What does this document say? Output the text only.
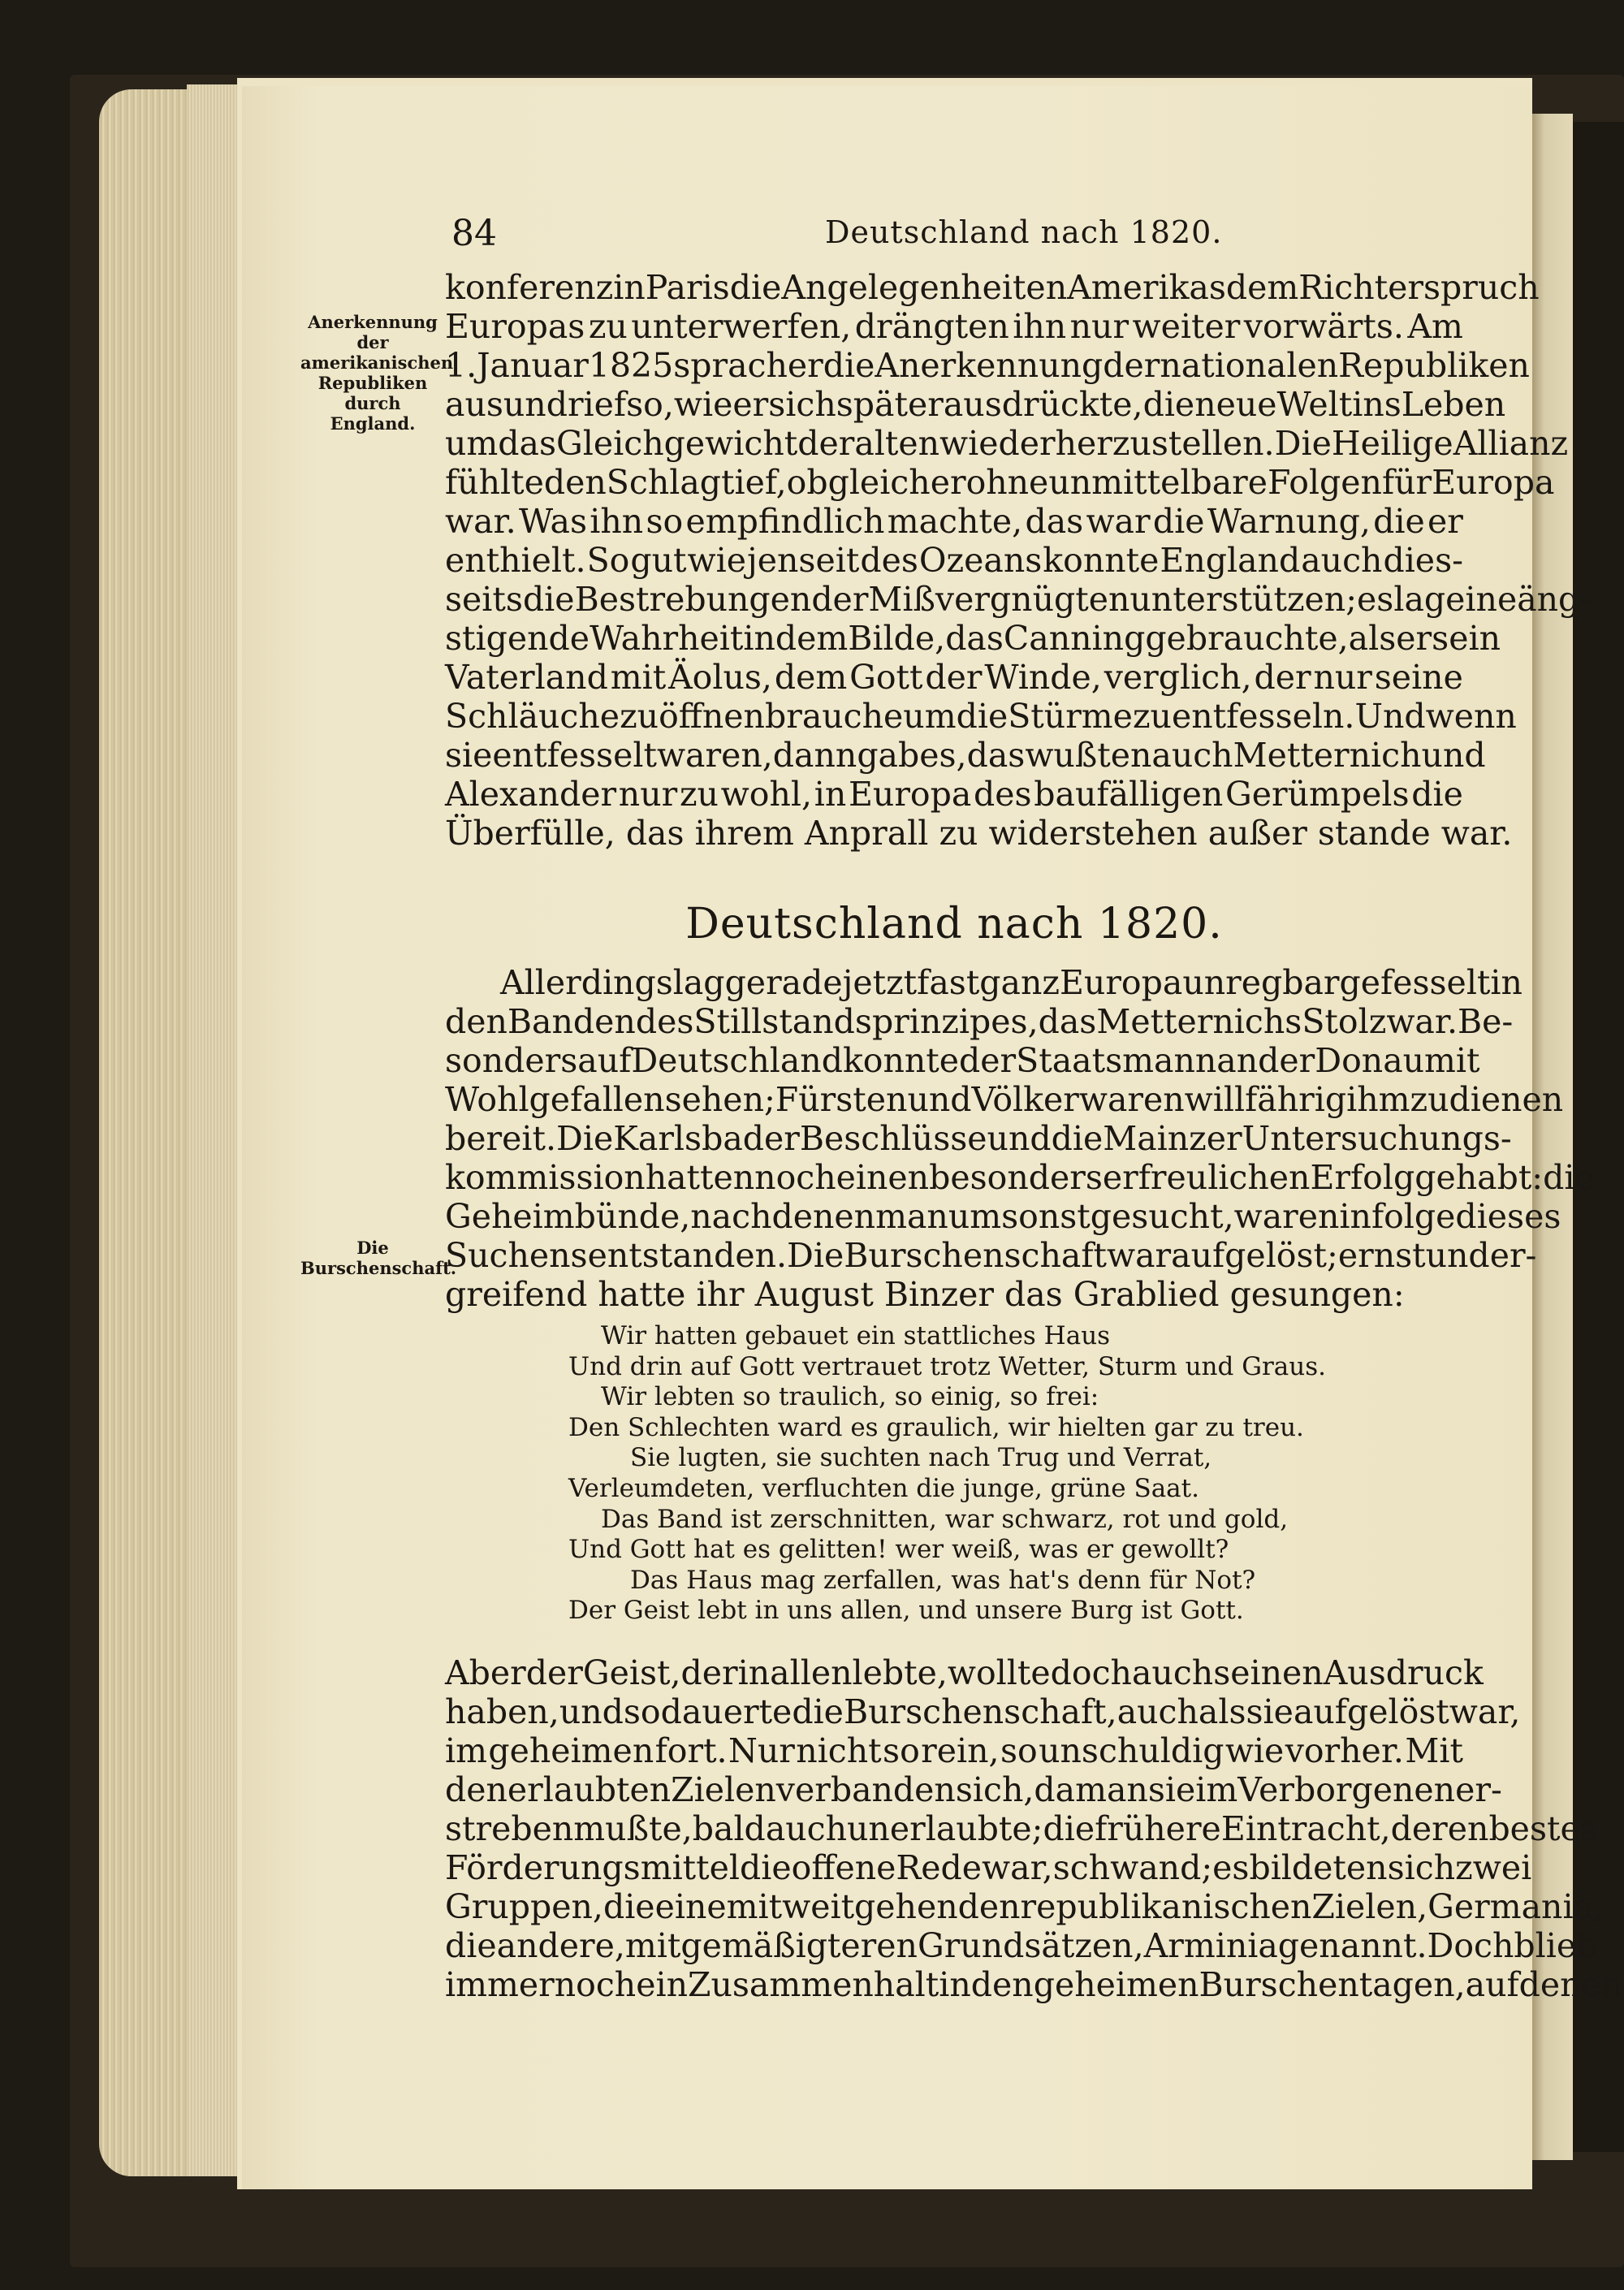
84	Deutschland nach 1820.
Anerkennung der amerikanischen Republiken durch England.
Die Burschenschaft.
konferenz in Paris die Angelegenheiten Amerikas dem Richterspruch
Europas zu unterwerfen, drängten ihn nur weiter vorwärts. Am
1. Januar 1825 sprach er die Anerkennung der nationalen Republiken
aus und rief so, wie er sich später ausdrückte, die neue Welt ins Leben
um das Gleichgewicht der alten wiederherzustellen. Die Heilige Allianz
fühlte den Schlag tief, obgleich er ohne unmittelbare Folgen für Europa
war. Was ihn so empfindlich machte, das war die Warnung, die er
enthielt. So gut wie jenseit des Ozeans konnte England auch dies-
seits die Bestrebungen der Mißvergnügten unterstützen; es lag eine äng-
stigende Wahrheit in dem Bilde, das Canning gebrauchte, als er sein
Vaterland mit Äolus, dem Gott der Winde, verglich, der nur seine
Schläuche zu öffnen brauche um die Stürme zu entfesseln. Und wenn
sie entfesselt waren, dann gab es, das wußten auch Metternich und
Alexander nur zu wohl, in Europa des baufälligen Gerümpels die
Überfülle, das ihrem Anprall zu widerstehen außer stande war.
Deutschland nach 1820.
Allerdings lag gerade jetzt fast ganz Europa unregbar gefesselt in
den Banden des Stillstandsprinzipes, das Metternichs Stolz war. Be-
sonders auf Deutschland konnte der Staatsmann an der Donau mit
Wohlgefallen sehen; Fürsten und Völker waren willfährig ihm zu dienen
bereit. Die Karlsbader Beschlüsse und die Mainzer Untersuchungs-
kommission hatten noch einen besonders erfreulichen Erfolg gehabt: die
Geheimbünde, nach denen man umsonst gesucht, waren infolge dieses
Suchens entstanden. Die Burschenschaft war aufgelöst; ernst und er-
greifend hatte ihr August Binzer das Grablied gesungen:
Wir hatten gebauet ein stattliches Haus
Und drin auf Gott vertrauet trotz Wetter, Sturm und Graus.
Wir lebten so traulich, so einig, so frei:
Den Schlechten ward es graulich, wir hielten gar zu treu.
Sie lugten, sie suchten nach Trug und Verrat,
Verleumdeten, verfluchten die junge, grüne Saat.
Das Band ist zerschnitten, war schwarz, rot und gold,
Und Gott hat es gelitten! wer weiß, was er gewollt?
Das Haus mag zerfallen, was hat's denn für Not?
Der Geist lebt in uns allen, und unsere Burg ist Gott.
Aber der Geist, der in allen lebte, wollte doch auch seinen Ausdruck
haben, und so dauerte die Burschenschaft, auch als sie aufgelöst war,
im geheimen fort. Nur nicht so rein, so unschuldig wie vorher. Mit
den erlaubten Zielen verbanden sich, da man sie im Verborgenen er-
streben mußte, bald auch unerlaubte; die frühere Eintracht, deren bestes
Förderungsmittel die offene Rede war, schwand; es bildeten sich zwei
Gruppen, die eine mit weitgehenden republikanischen Zielen, Germania,
die andere, mit gemäßigteren Grundsätzen, Arminia genannt. Doch blieb
immer noch ein Zusammenhalt in den geheimen Burschentagen, auf denen
